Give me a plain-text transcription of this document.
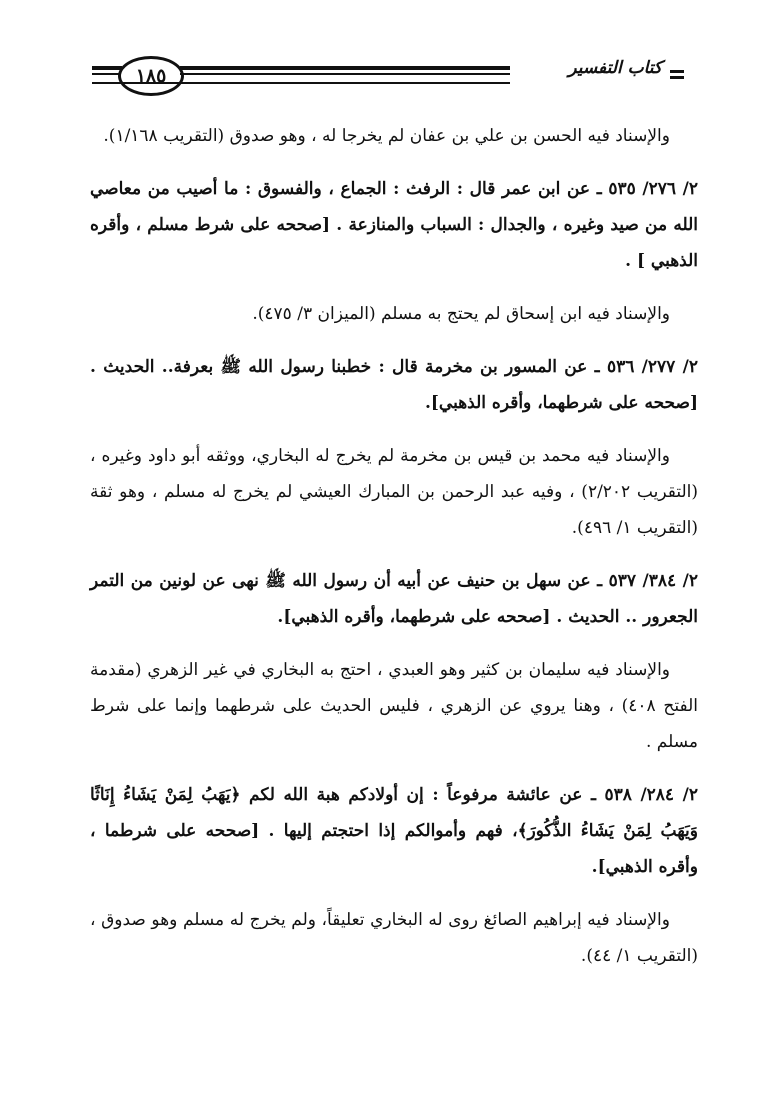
١٨٥	كتاب التفسير

والإسناد فيه الحسن بن علي بن عفان لم يخرجا له ، وهو صدوق (التقريب ١/١٦٨).

٢/ ٢٧٦/ ٥٣٥ ـ عن ابن عمر قال : الرفث : الجماع ، والفسوق : ما أصيب من معاصي الله من صيد وغيره ، والجدال : السباب والمنازعة . [صححه على شرط مسلم ، وأقره الذهبي ] .

والإسناد فيه ابن إسحاق لم يحتج به مسلم (الميزان ٣/ ٤٧٥).

٢/ ٢٧٧/ ٥٣٦ ـ عن المسور بن مخرمة قال : خطبنا رسول الله ﷺ بعرفة.. الحديث . [صححه على شرطهما، وأقره الذهبي].

والإسناد فيه محمد بن قيس بن مخرمة لم يخرج له البخاري، ووثقه أبو داود وغيره ، (التقريب ٢/٢٠٢) ، وفيه عبد الرحمن بن المبارك العيشي لم يخرج له مسلم ، وهو ثقة (التقريب ١/ ٤٩٦).

٢/ ٣٨٤/ ٥٣٧ ـ عن سهل بن حنيف عن أبيه أن رسول الله ﷺ نهى عن لونين من التمر الجعرور .. الحديث . [صححه على شرطهما، وأقره الذهبي].

والإسناد فيه سليمان بن كثير وهو العبدي ، احتج به البخاري في غير الزهري (مقدمة الفتح ٤٠٨) ، وهنا يروي عن الزهري ، فليس الحديث على شرطهما وإنما على شرط مسلم .

٢/ ٢٨٤/ ٥٣٨ ـ عن عائشة مرفوعاً : إن أولادكم هبة الله لكم ﴿يَهَبُ لِمَنْ يَشَاءُ إِنَاثًا وَيَهَبُ لِمَنْ يَشَاءُ الذُّكُورَ﴾، فهم وأموالكم إذا احتجتم إليها . [صححه على شرطما ، وأقره الذهبي].

والإسناد فيه إبراهيم الصائغ روى له البخاري تعليقاً، ولم يخرج له مسلم وهو صدوق ، (التقريب ١/ ٤٤).
